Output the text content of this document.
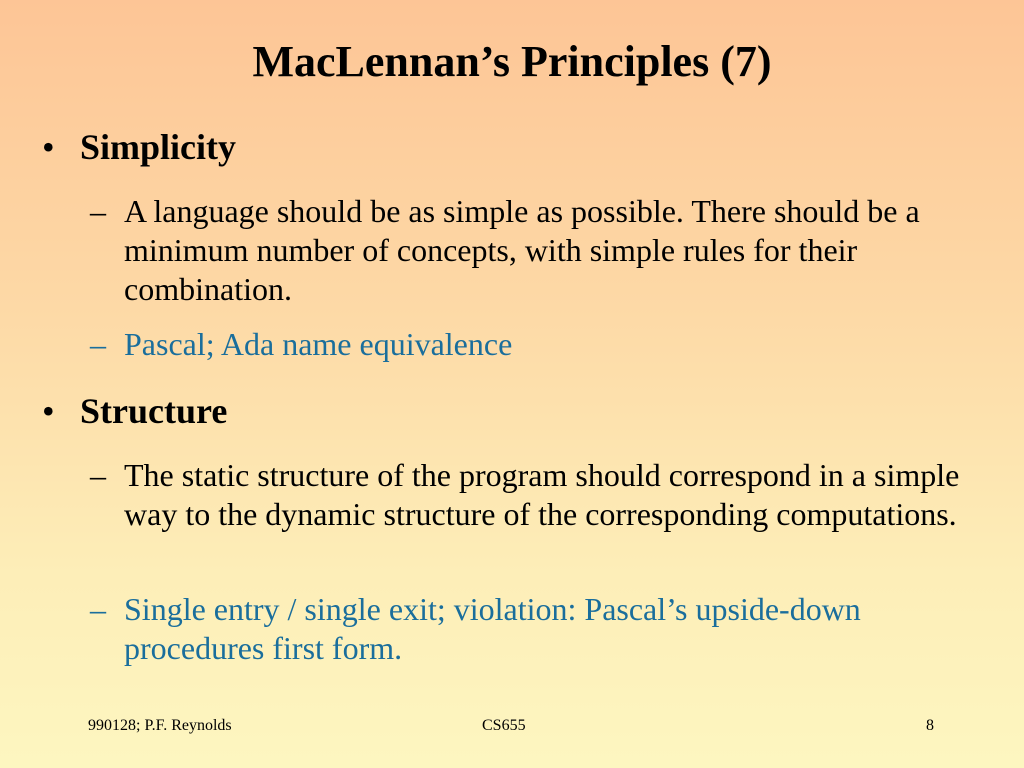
MacLennan’s Principles (7)
• Simplicity
– A language should be as simple as possible. There should be a minimum number of concepts, with simple rules for their combination.
– Pascal; Ada name equivalence
• Structure
– The static structure of the program should correspond in a simple way to the dynamic structure of the corresponding computations.
– Single entry / single exit; violation: Pascal’s upside-down procedures first form.
990128; P.F. Reynolds	CS655	8
